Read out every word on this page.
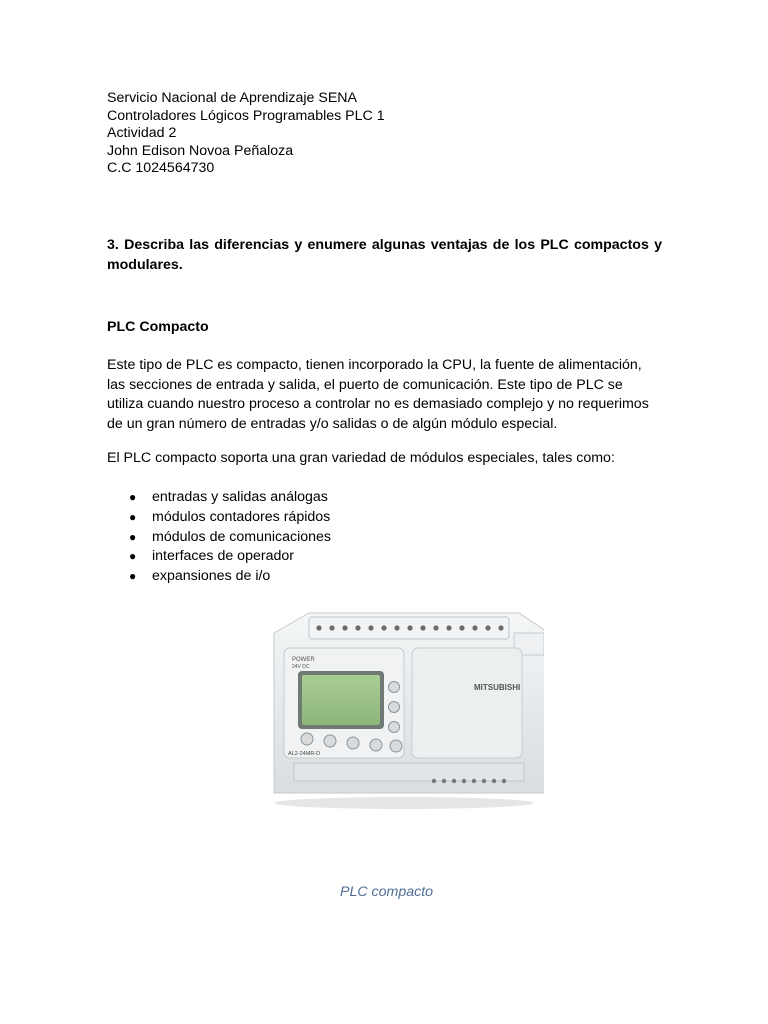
Servicio Nacional de Aprendizaje SENA
Controladores Lógicos Programables PLC 1
Actividad 2
John Edison Novoa Peñaloza
C.C 1024564730
3. Describa las diferencias y enumere algunas ventajas de los PLC compactos y modulares.
PLC Compacto
Este tipo de PLC es compacto, tienen incorporado la CPU, la fuente de alimentación, las secciones de entrada y salida, el puerto de comunicación. Este tipo de PLC se utiliza cuando nuestro proceso a controlar no es demasiado complejo y no requerimos de un gran número de entradas y/o salidas o de algún módulo especial.
El PLC compacto soporta una gran variedad de módulos especiales, tales como:
● entradas y salidas análogas
● módulos contadores rápidos
● módulos de comunicaciones
● interfaces de operador
● expansiones de i/o
POWER
24V DC
AL2-24MR-D
MITSUBISHI
PLC compacto
